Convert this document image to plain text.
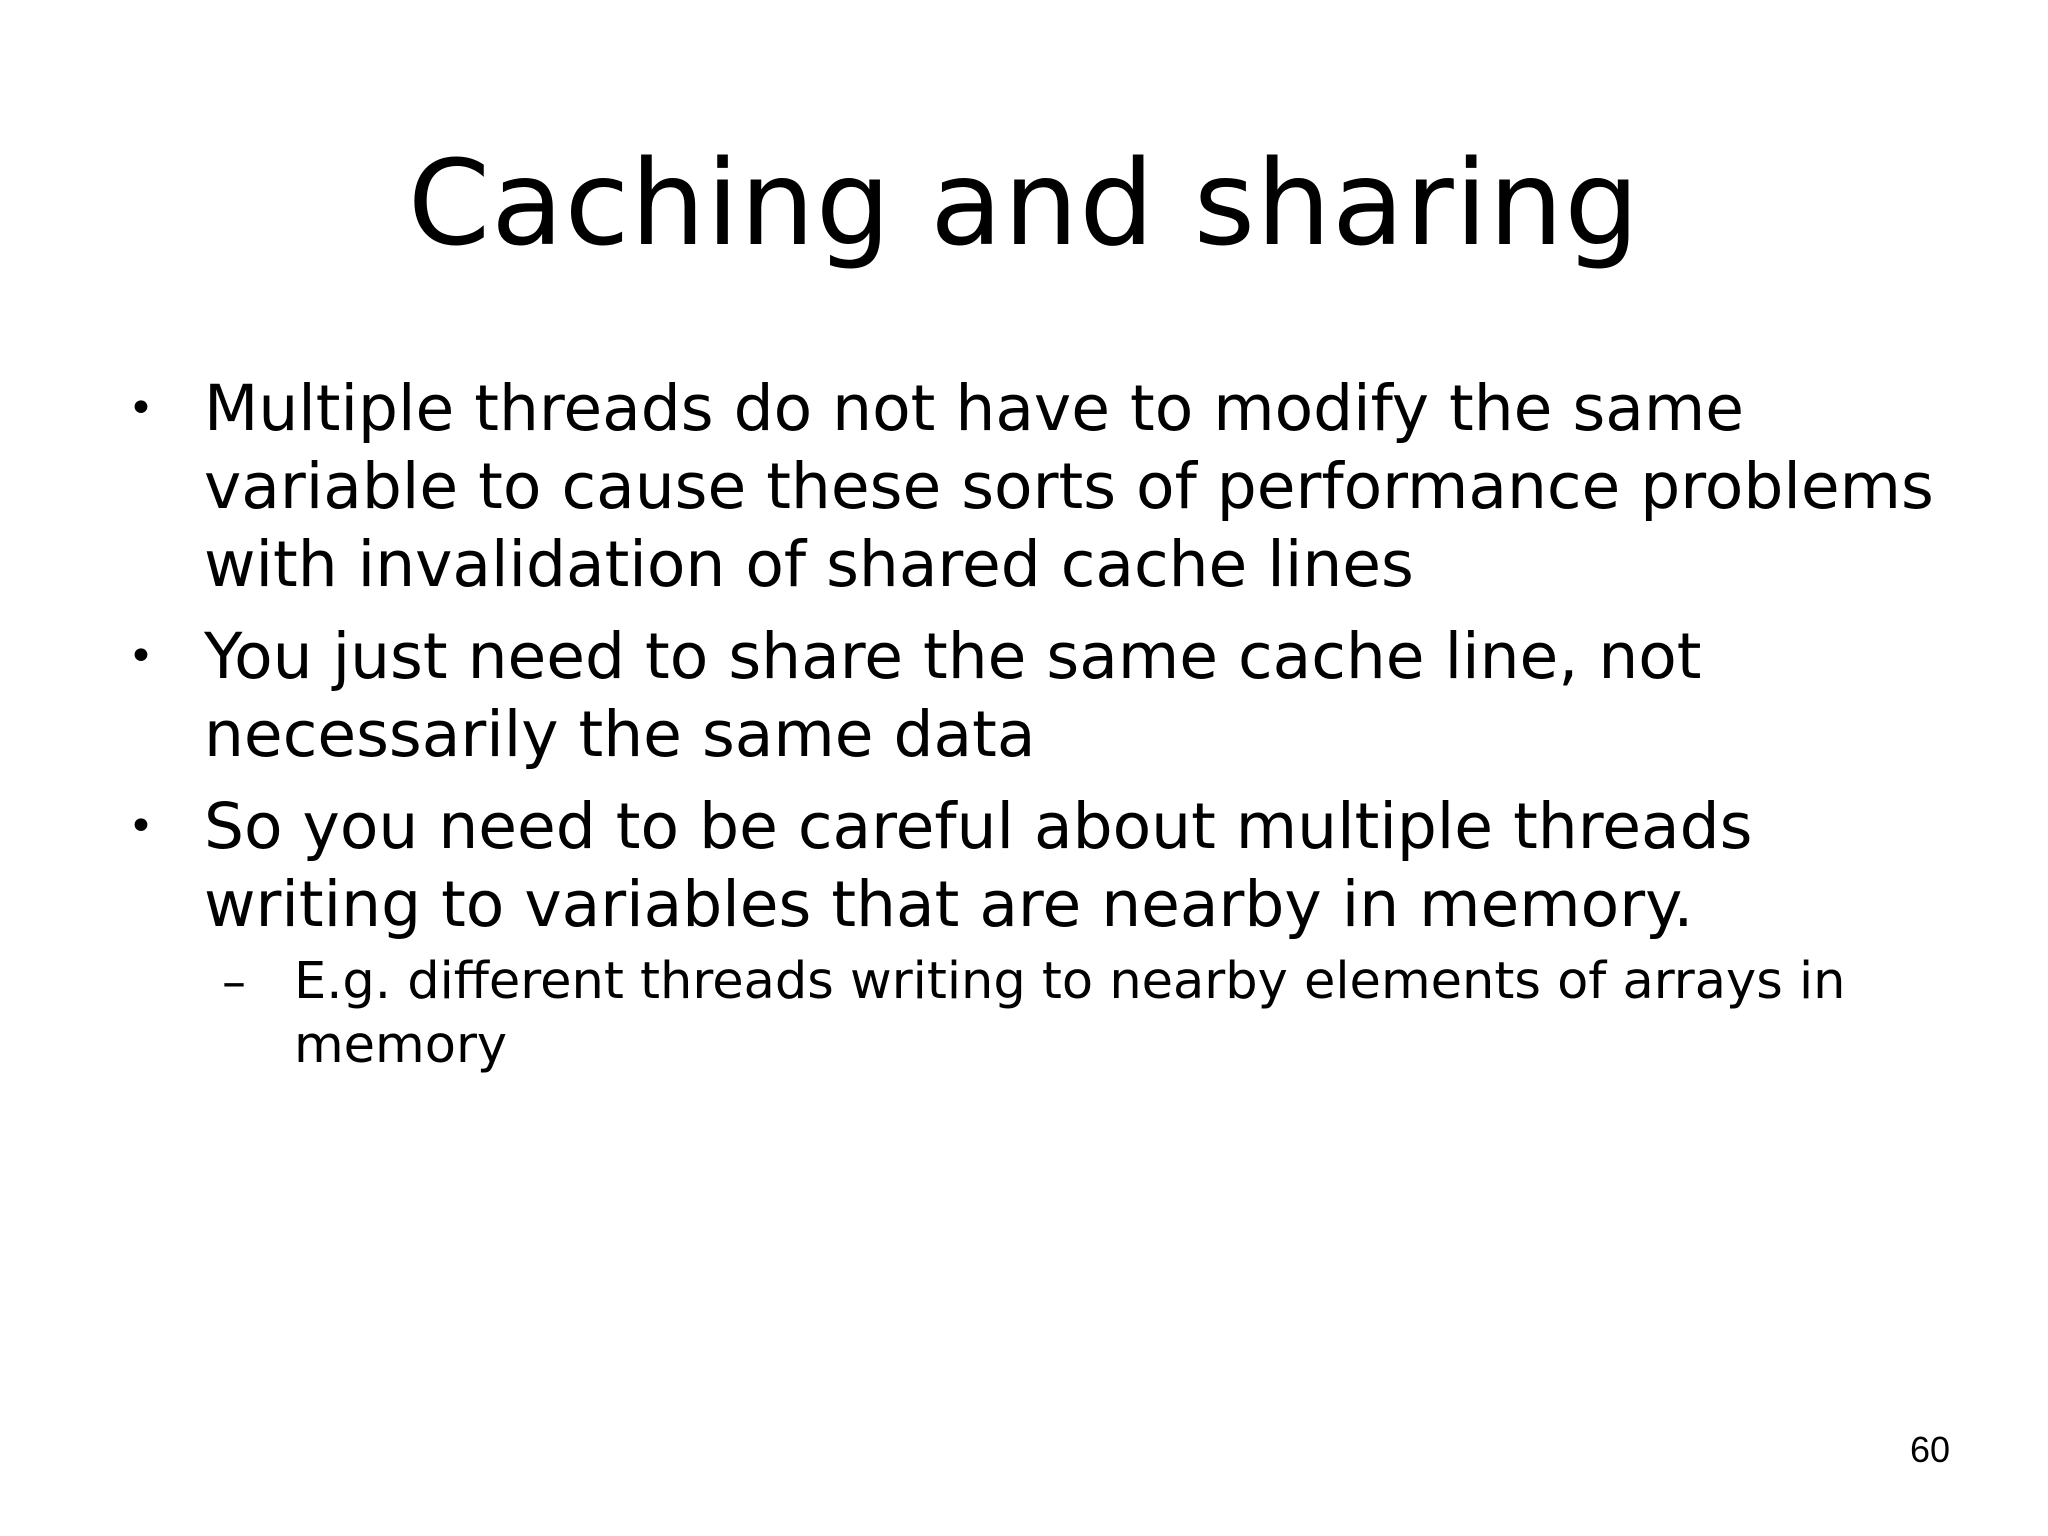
Caching and sharing
• Multiple threads do not have to modify the same variable to cause these sorts of performance problems with invalidation of shared cache lines
• You just need to share the same cache line, not necessarily the same data
• So you need to be careful about multiple threads writing to variables that are nearby in memory.
– E.g. different threads writing to nearby elements of arrays in memory
60
